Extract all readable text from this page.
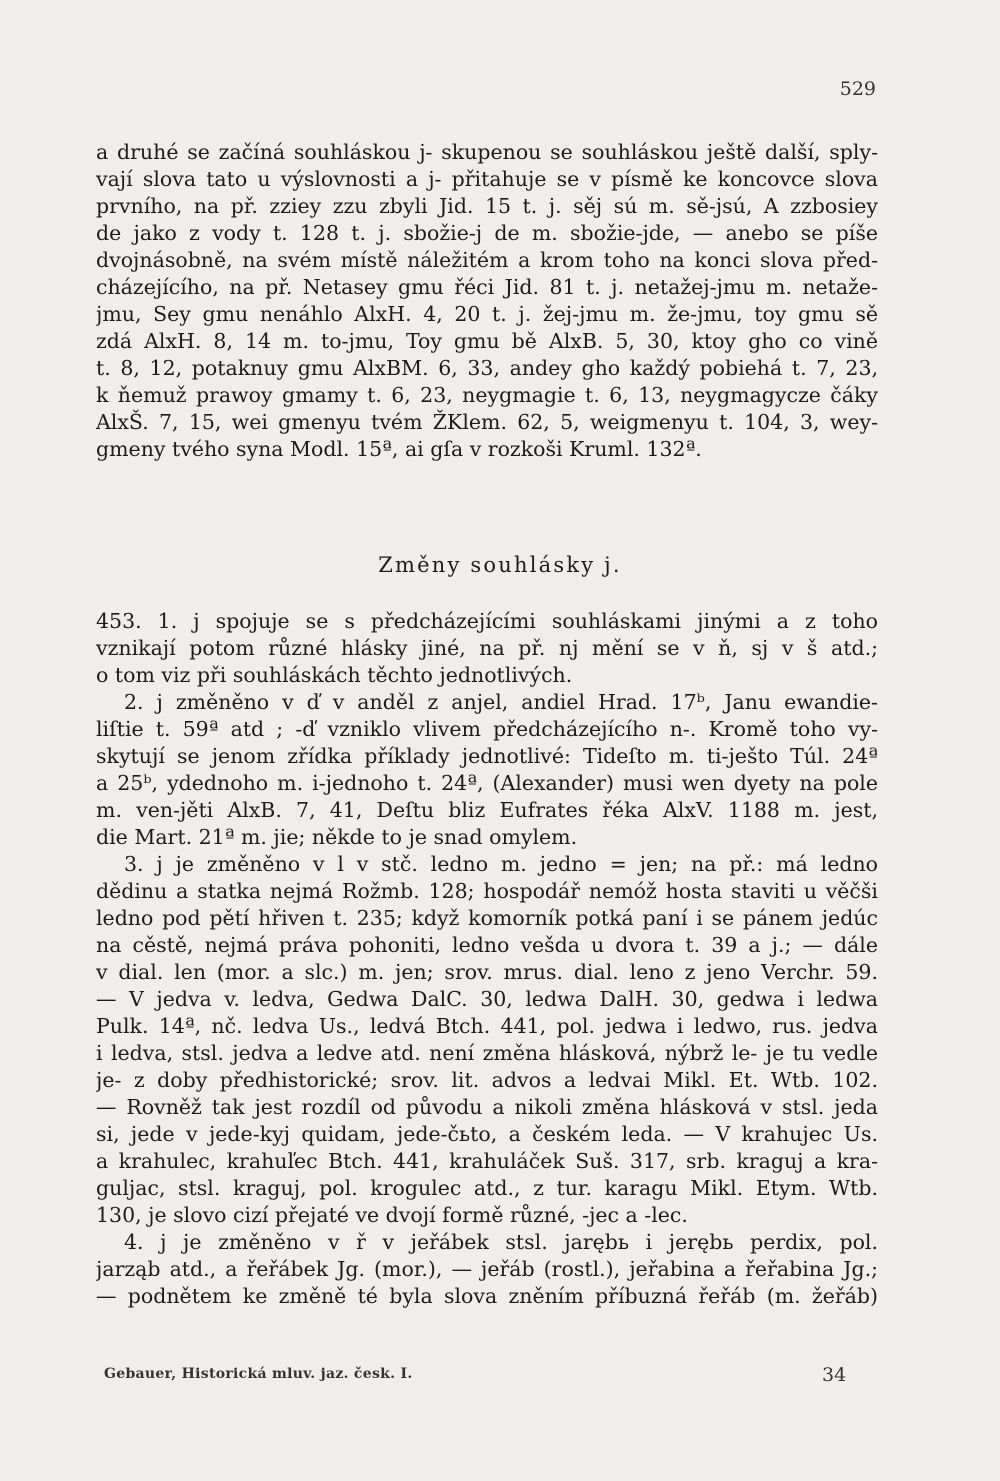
529
a druhé se začíná souhláskou j- skupenou se souhláskou ještě další, sply-
vají slova tato u výslovnosti a j- přitahuje se v písmě ke koncovce slova
prvního, na př. zziey zzu zbyli Jid. 15 t. j. sěj sú m. sě-jsú, A zzbosiey
de jako z vody t. 128 t. j. sbožie-j de m. sbožie-jde, — anebo se píše
dvojnásobně, na svém místě náležitém a krom toho na konci slova před-
cházejícího, na př. Netasey gmu řéci Jid. 81 t. j. netažej-jmu m. netaže-
jmu, Sey gmu nenáhlo AlxH. 4, 20 t. j. žej-jmu m. že-jmu, toy gmu sě
zdá AlxH. 8, 14 m. to-jmu, Toy gmu bě AlxB. 5, 30, ktoy gho co vině
t. 8, 12, potaknuy gmu AlxBM. 6, 33, andey gho každý pobiehá t. 7, 23,
k ňemuž prawoy gmamy t. 6, 23, neygmagie t. 6, 13, neygmagycze čáky
AlxŠ. 7, 15, wei gmenyu tvém ŽKlem. 62, 5, weigmenyu t. 104, 3, wey-
gmeny tvého syna Modl. 15ª, ai gſa v rozkoši Kruml. 132ª.
Změny souhlásky j.
453. 1. j spojuje se s předcházejícími souhláskami jinými a z toho
vznikají potom různé hlásky jiné, na př. nj mění se v ň, sj v š atd.;
o tom viz při souhláskách těchto jednotlivých.
2. j změněno v ď v anděl z anjel, andiel Hrad. 17ᵇ, Janu ewandie-
liſtie t. 59ª atd ; -ď vzniklo vlivem předcházejícího n-. Kromě toho vy-
skytují se jenom zřídka příklady jednotlivé: Tideſto m. ti-ješto Túl. 24ª
a 25ᵇ, ydednoho m. i-jednoho t. 24ª, (Alexander) musi wen dyety na pole
m. ven-jěti AlxB. 7, 41, Deſtu bliz Eufrates řéka AlxV. 1188 m. jest,
die Mart. 21ª m. jie; někde to je snad omylem.
3. j je změněno v l v stč. ledno m. jedno = jen; na př.: má ledno
dědinu a statka nejmá Rožmb. 128; hospodář nemóž hosta staviti u věčši
ledno pod pětí hřiven t. 235; když komorník potká paní i se pánem jedúc
na cěstě, nejmá práva pohoniti, ledno vešda u dvora t. 39 a j.; — dále
v dial. len (mor. a slc.) m. jen; srov. mrus. dial. leno z jeno Verchr. 59.
— V jedva v. ledva, Gedwa DalC. 30, ledwa DalH. 30, gedwa i ledwa
Pulk. 14ª, nč. ledva Us., ledvá Btch. 441, pol. jedwa i ledwo, rus. jedva
i ledva, stsl. jedva a ledve atd. není změna hlásková, nýbrž le- je tu vedle
je- z doby předhistorické; srov. lit. advos a ledvai Mikl. Et. Wtb. 102.
— Rovněž tak jest rozdíl od původu a nikoli změna hlásková v stsl. jeda
si, jede v jede-kyj quidam, jede-čьto, a českém leda. — V krahujec Us.
a krahulec, krahuľec Btch. 441, krahuláček Suš. 317, srb. kraguj a kra-
guljac, stsl. kraguj, pol. krogulec atd., z tur. karagu Mikl. Etym. Wtb.
130, je slovo cizí přejaté ve dvojí formě různé, -jec a -lec.
4. j je změněno v ř v jeřábek stsl. jarębь i jerębь perdix, pol.
jarząb atd., a řeřábek Jg. (mor.), — jeřáb (rostl.), jeřabina a řeřabina Jg.;
— podnětem ke změně té byla slova zněním příbuzná řeřáb (m. žeřáb)
Gebauer, Historická mluv. jaz. česk. I.	34
